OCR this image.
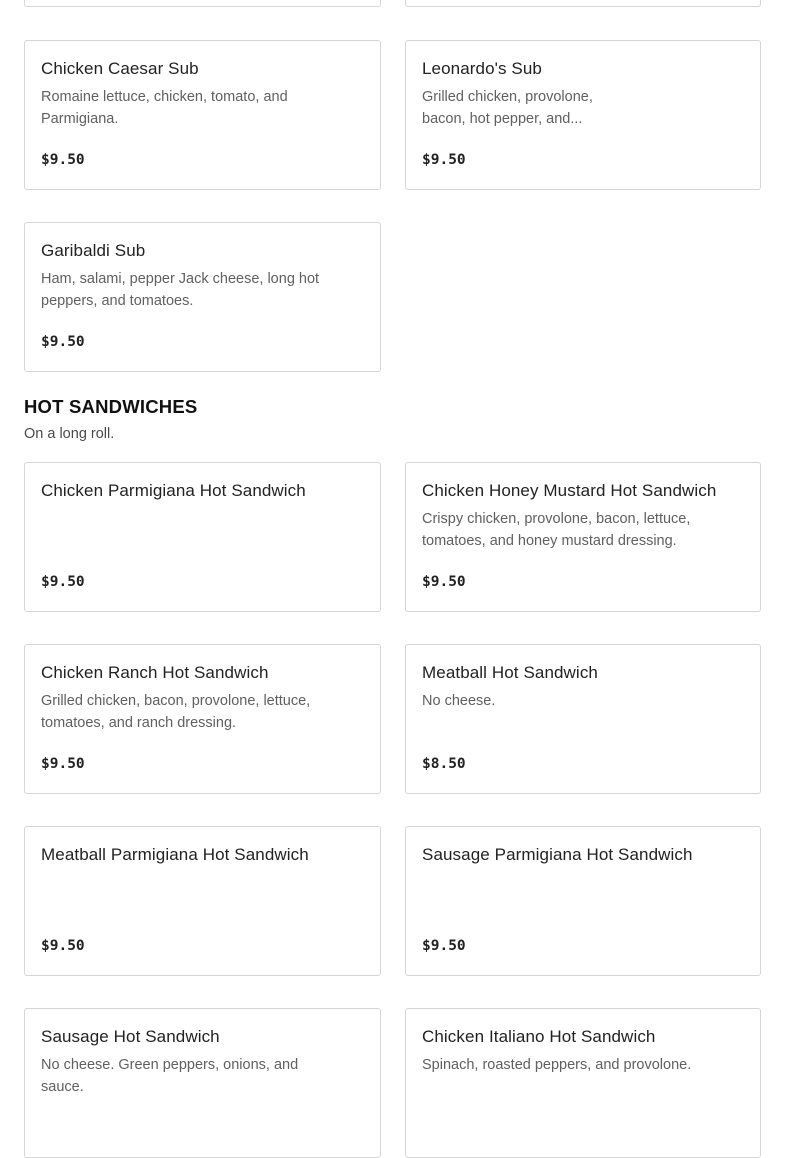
Chicken Caesar Sub
Romaine lettuce, chicken, tomato, and Parmigiana.
$9.50
Leonardo's Sub
Grilled chicken, provolone, bacon, hot pepper, and...
$9.50
Garibaldi Sub
Ham, salami, pepper Jack cheese, long hot peppers, and tomatoes.
$9.50
HOT SANDWICHES
On a long roll.
Chicken Parmigiana Hot Sandwich
$9.50
Chicken Honey Mustard Hot Sandwich
Crispy chicken, provolone, bacon, lettuce, tomatoes, and honey mustard dressing.
$9.50
Chicken Ranch Hot Sandwich
Grilled chicken, bacon, provolone, lettuce, tomatoes, and ranch dressing.
$9.50
Meatball Hot Sandwich
No cheese.
$8.50
Meatball Parmigiana Hot Sandwich
$9.50
Sausage Parmigiana Hot Sandwich
$9.50
Sausage Hot Sandwich
No cheese. Green peppers, onions, and sauce.
Chicken Italiano Hot Sandwich
Spinach, roasted peppers, and provolone.
